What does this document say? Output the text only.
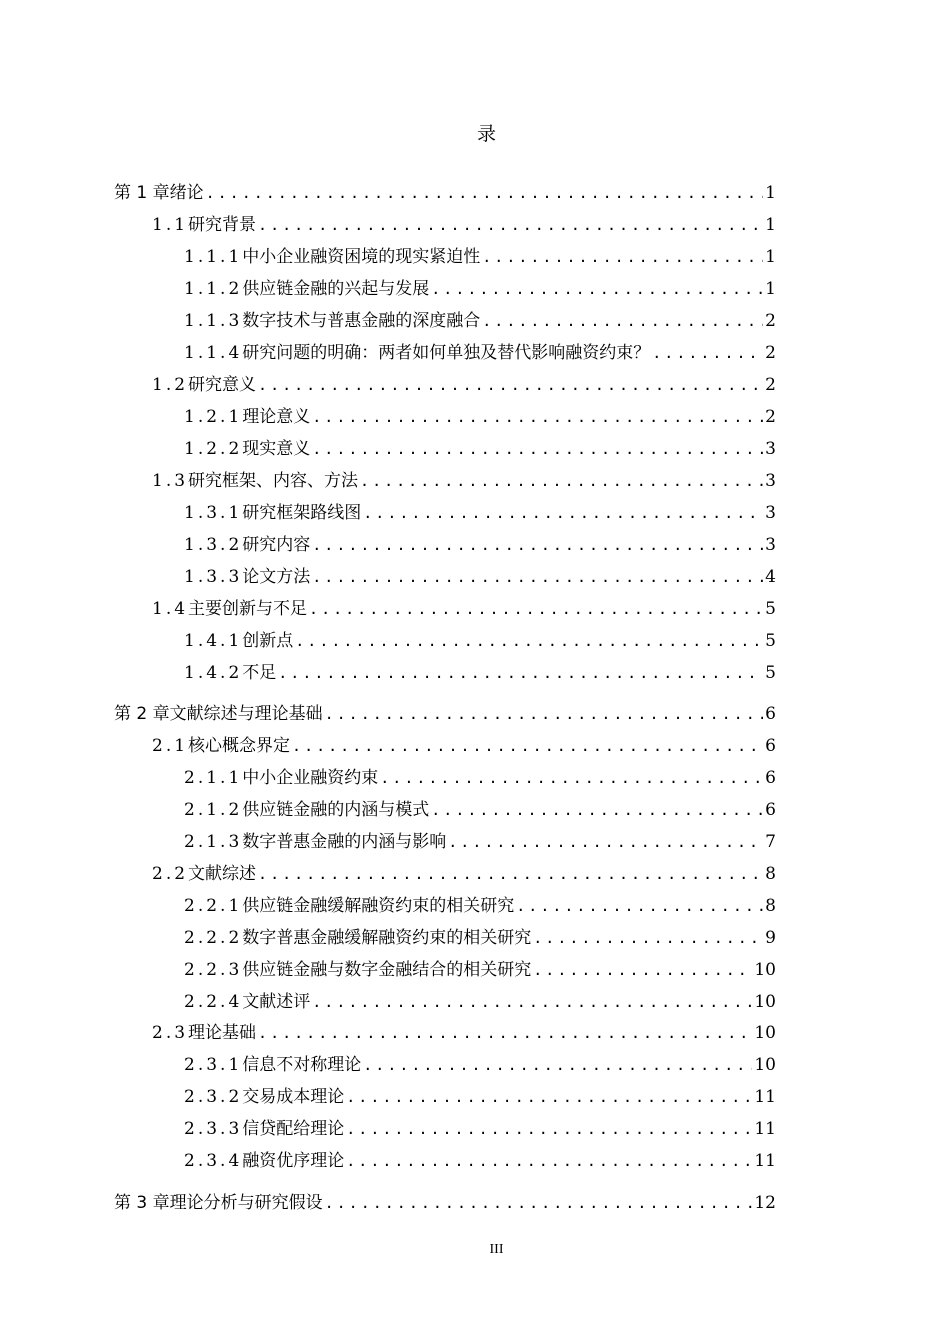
录
第 1 章 绪论 .....	1
1.1 研究背景 .....	1
1.1.1 中小企业融资困境的现实紧迫性 .....	1
1.1.2 供应链金融的兴起与发展 .....	1
1.1.3 数字技术与普惠金融的深度融合 .....	2
1.1.4 研究问题的明确：两者如何单独及替代影响融资约束？ .....	2
1.2 研究意义 .....	2
1.2.1 理论意义 .....	2
1.2.2 现实意义 .....	3
1.3 研究框架、内容、方法 .....	3
1.3.1 研究框架路线图 .....	3
1.3.2 研究内容 .....	3
1.3.3 论文方法 .....	4
1.4 主要创新与不足 .....	5
1.4.1 创新点 .....	5
1.4.2 不足 .....	5
第 2 章 文献综述与理论基础 .....	6
2.1 核心概念界定 .....	6
2.1.1 中小企业融资约束 .....	6
2.1.2 供应链金融的内涵与模式 .....	6
2.1.3 数字普惠金融的内涵与影响 .....	7
2.2 文献综述 .....	8
2.2.1 供应链金融缓解融资约束的相关研究 .....	8
2.2.2 数字普惠金融缓解融资约束的相关研究 .....	9
2.2.3 供应链金融与数字金融结合的相关研究 .....	10
2.2.4 文献述评 .....	10
2.3 理论基础 .....	10
2.3.1 信息不对称理论 .....	10
2.3.2 交易成本理论 .....	11
2.3.3 信贷配给理论 .....	11
2.3.4 融资优序理论 .....	11
第 3 章 理论分析与研究假设 .....	12
III
